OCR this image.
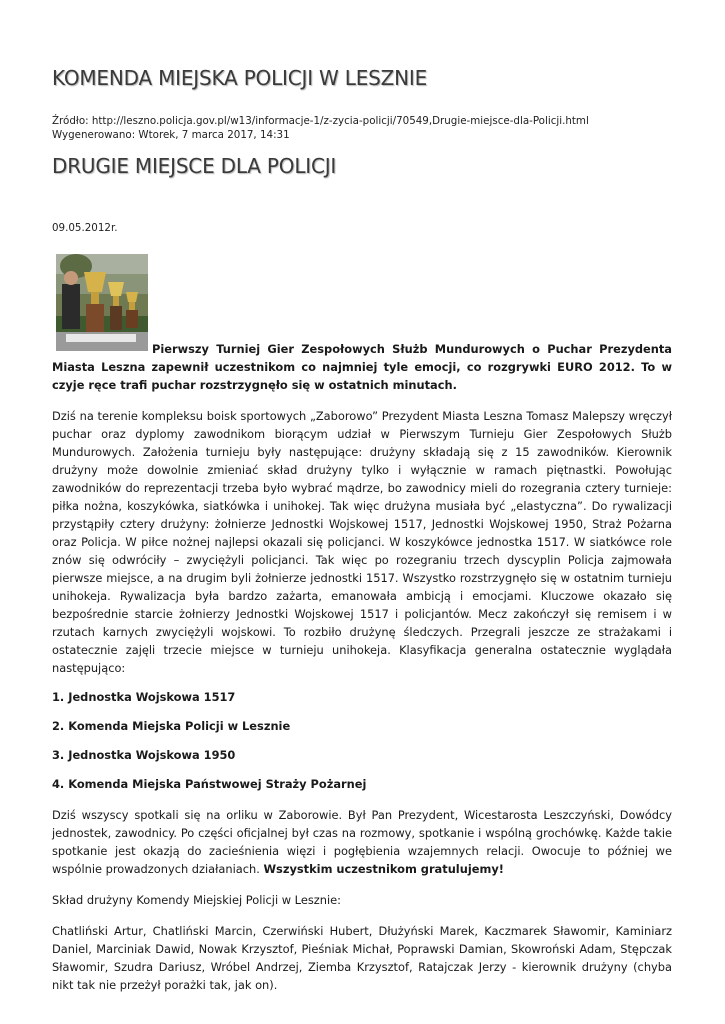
KOMENDA MIEJSKA POLICJI W LESZNIE
Źródło: http://leszno.policja.gov.pl/w13/informacje-1/z-zycia-policji/70549,Drugie-miejsce-dla-Policji.html
Wygenerowano: Wtorek, 7 marca 2017, 14:31
DRUGIE MIEJSCE DLA POLICJI
09.05.2012r.

Pierwszy Turniej Gier Zespołowych Służb Mundurowych o Puchar Prezydenta Miasta Leszna zapewnił uczestnikom co najmniej tyle emocji, co rozgrywki EURO 2012. To w czyje ręce trafi puchar rozstrzygnęło się w ostatnich minutach.

Dziś na terenie kompleksu boisk sportowych „Zaborowo” Prezydent Miasta Leszna Tomasz Malepszy wręczył puchar oraz dyplomy zawodnikom biorącym udział w Pierwszym Turnieju Gier Zespołowych Służb Mundurowych. Założenia turnieju były następujące: drużyny składają się z 15 zawodników. Kierownik drużyny może dowolnie zmieniać skład drużyny tylko i wyłącznie w ramach piętnastki. Powołując zawodników do reprezentacji trzeba było wybrać mądrze, bo zawodnicy mieli do rozegrania cztery turnieje: piłka nożna, koszykówka, siatkówka i unihokej. Tak więc drużyna musiała być „elastyczna”. Do rywalizacji przystąpiły cztery drużyny: żołnierze Jednostki Wojskowej 1517, Jednostki Wojskowej 1950, Straż Pożarna oraz Policja. W piłce nożnej najlepsi okazali się policjanci. W koszykówce jednostka 1517. W siatkówce role znów się odwróciły – zwyciężyli policjanci. Tak więc po rozegraniu trzech dyscyplin Policja zajmowała pierwsze miejsce, a na drugim byli żołnierze jednostki 1517. Wszystko rozstrzygnęło się w ostatnim turnieju unihokeja. Rywalizacja była bardzo zażarta, emanowała ambicją i emocjami. Kluczowe okazało się bezpośrednie starcie żołnierzy Jednostki Wojskowej 1517 i policjantów. Mecz zakończył się remisem i w rzutach karnych zwyciężyli wojskowi. To rozbiło drużynę śledczych. Przegrali jeszcze ze strażakami i ostatecznie zajęli trzecie miejsce w turnieju unihokeja. Klasyfikacja generalna ostatecznie wyglądała następująco:

1. Jednostka Wojskowa 1517

2. Komenda Miejska Policji w Lesznie

3. Jednostka Wojskowa 1950

4. Komenda Miejska Państwowej Straży Pożarnej

Dziś wszyscy spotkali się na orliku w Zaborowie. Był Pan Prezydent, Wicestarosta Leszczyński, Dowódcy jednostek, zawodnicy. Po części oficjalnej był czas na rozmowy, spotkanie i wspólną grochówkę. Każde takie spotkanie jest okazją do zacieśnienia więzi i pogłębienia wzajemnych relacji. Owocuje to później we wspólnie prowadzonych działaniach. Wszystkim uczestnikom gratulujemy!

Skład drużyny Komendy Miejskiej Policji w Lesznie:

Chatliński Artur, Chatliński Marcin, Czerwiński Hubert, Dłużyński Marek, Kaczmarek Sławomir, Kaminiarz Daniel, Marciniak Dawid, Nowak Krzysztof, Pieśniak Michał, Poprawski Damian, Skowroński Adam, Stępczak Sławomir, Szudra Dariusz, Wróbel Andrzej, Ziemba Krzysztof, Ratajczak Jerzy - kierownik drużyny (chyba nikt tak nie przeżył porażki tak, jak on).
